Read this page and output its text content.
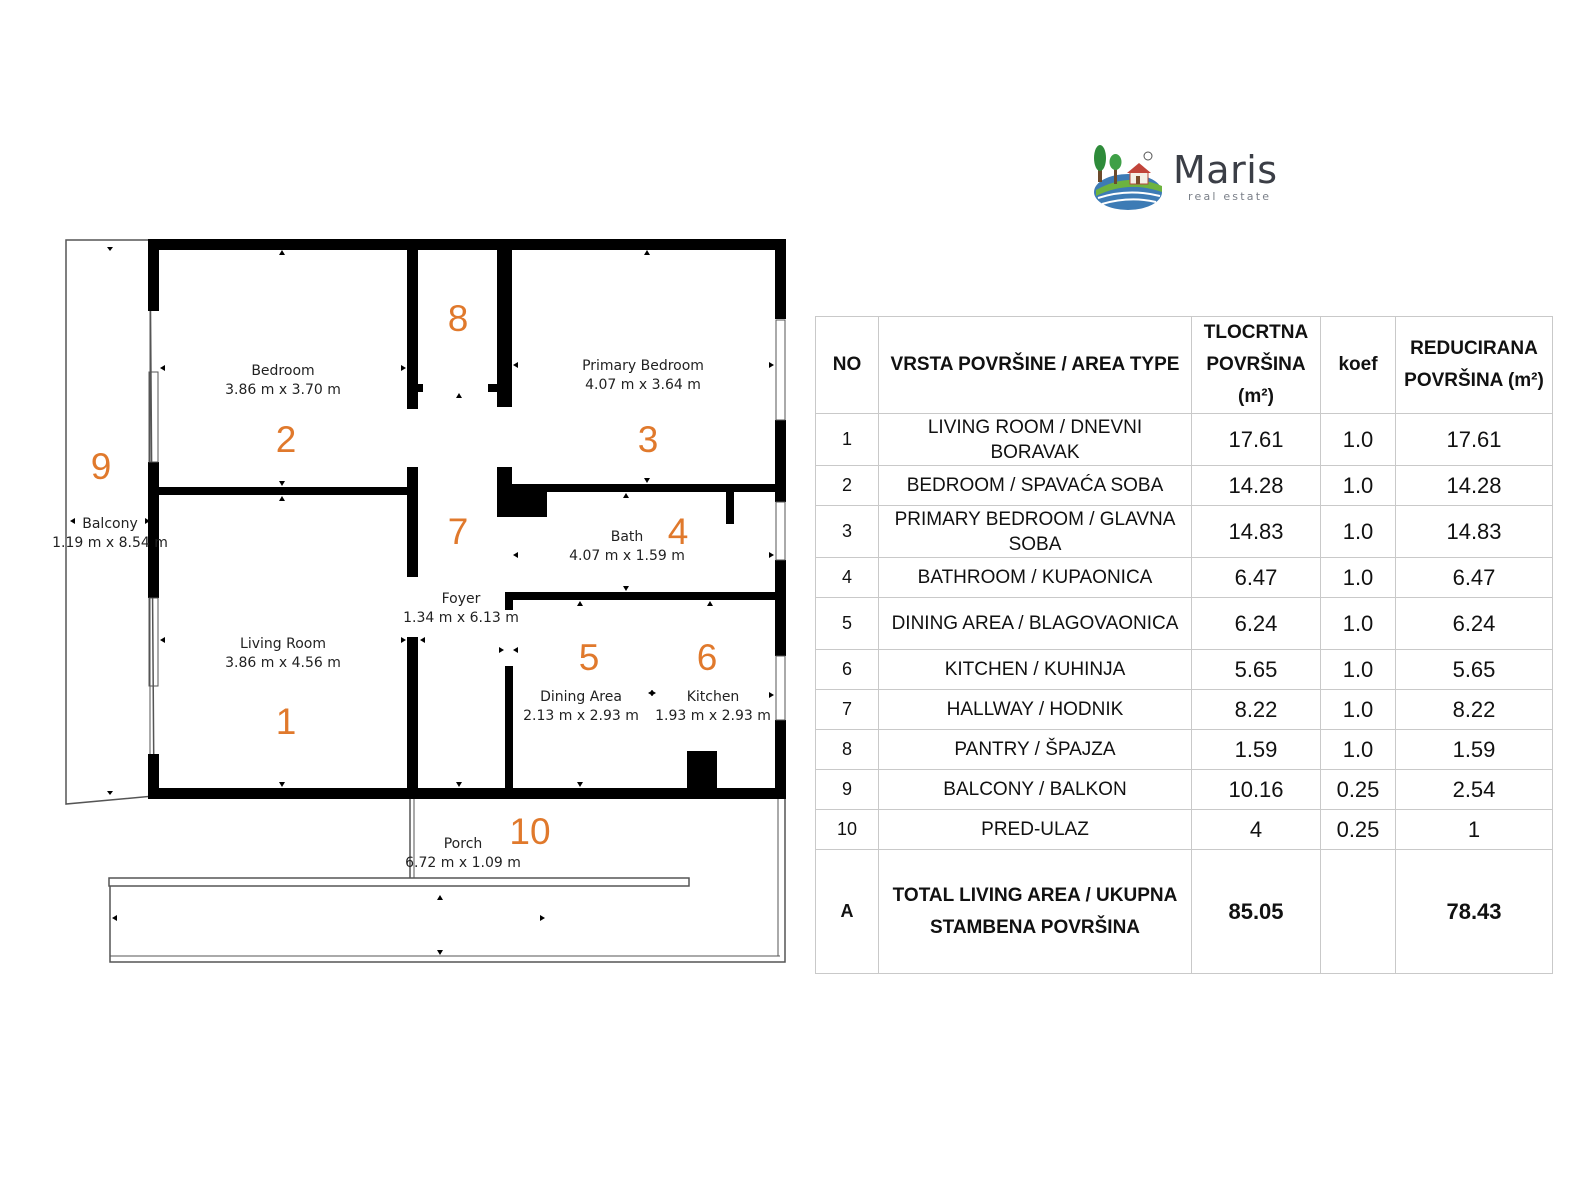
Maris
real estate
Bedroom
3.86 m x 3.70 m
2
Primary Bedroom
4.07 m x 3.64 m
3
8
Balcony
1.19 m x 8.54 m
9
Foyer
1.34 m x 6.13 m
7	Bath
4.07 m x 1.59 m
4
Living Room
3.86 m x 4.56 m
1
Dining Area
2.13 m x 2.93 m
5
Kitchen
1.93 m x 2.93 m
6
Porch
6.72 m x 1.09 m
10
NO	VRSTA POVRŠINE / AREA TYPE	TLOCRTNA POVRŠINA (m²)	koef	REDUCIRANA POVRŠINA (m²)
1	LIVING ROOM / DNEVNI BORAVAK	17.61	1.0	17.61
2	BEDROOM / SPAVAĆA SOBA	14.28	1.0	14.28
3	PRIMARY BEDROOM / GLAVNA SOBA	14.83	1.0	14.83
4	BATHROOM / KUPAONICA	6.47	1.0	6.47
5	DINING AREA / BLAGOVAONICA	6.24	1.0	6.24
6	KITCHEN / KUHINJA	5.65	1.0	5.65
7	HALLWAY / HODNIK	8.22	1.0	8.22
8	PANTRY / ŠPAJZA	1.59	1.0	1.59
9	BALCONY / BALKON	10.16	0.25	2.54
10	PRED-ULAZ	4	0.25	1
A	TOTAL LIVING AREA / UKUPNA STAMBENA POVRŠINA	85.05		78.43
